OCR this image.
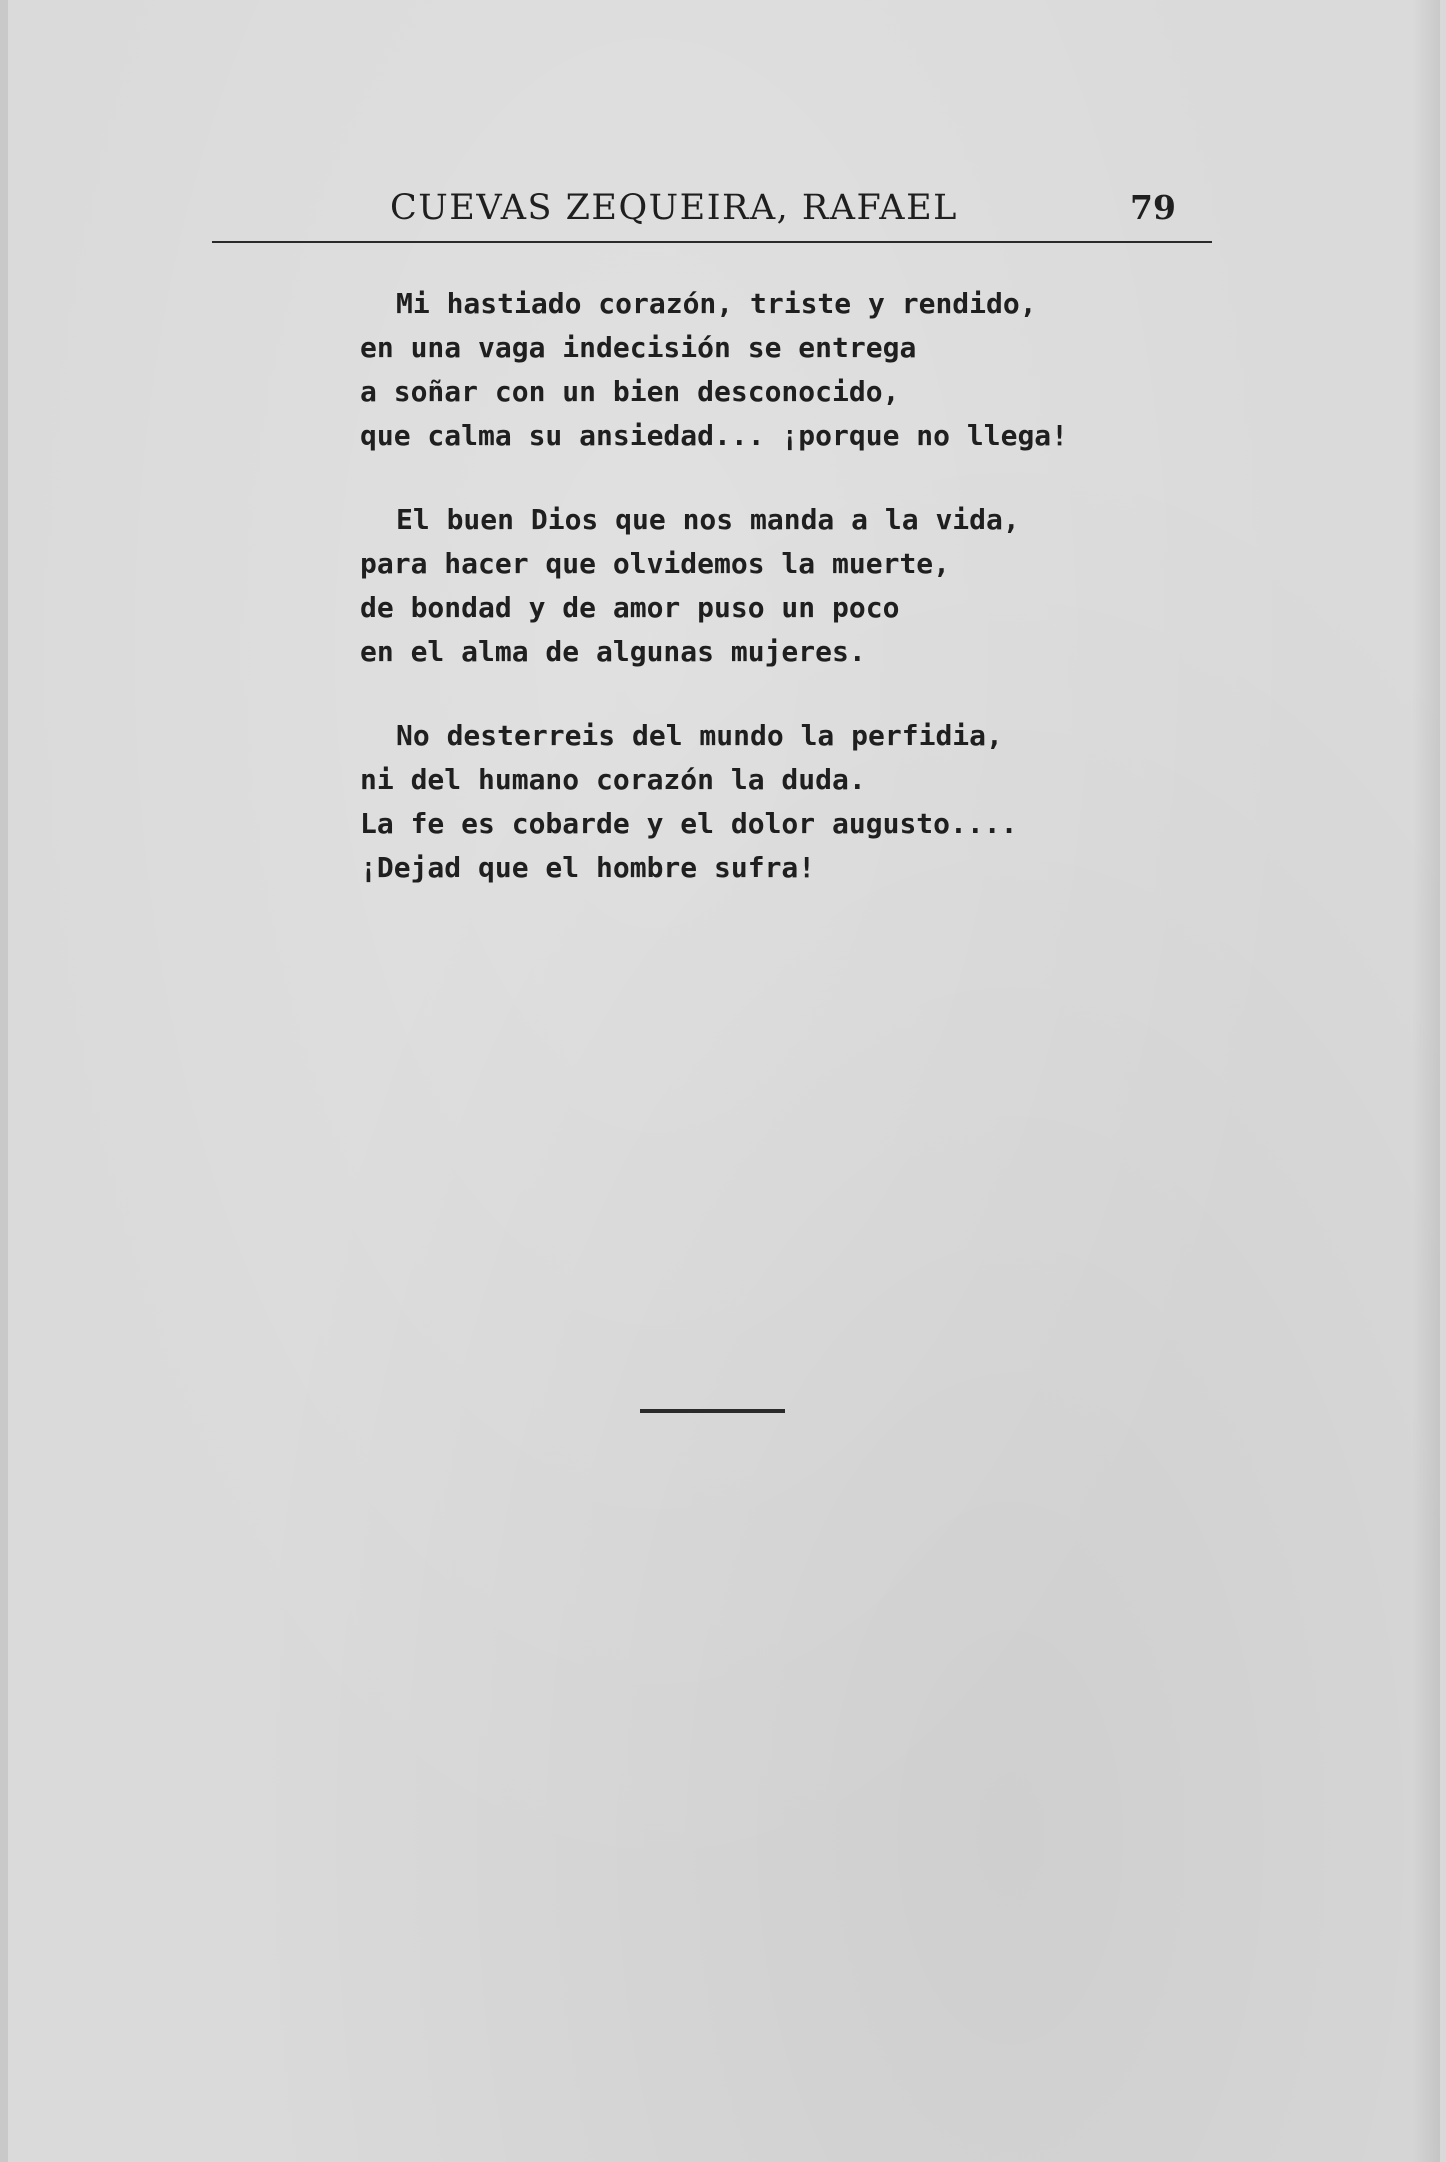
CUEVAS ZEQUEIRA, RAFAEL	79
Mi hastiado corazón, triste y rendido,
en una vaga indecisión se entrega
a soñar con un bien desconocido,
que calma su ansiedad... ¡porque no llega!
El buen Dios que nos manda a la vida,
para hacer que olvidemos la muerte,
de bondad y de amor puso un poco
en el alma de algunas mujeres.
No desterreis del mundo la perfidia,
ni del humano corazón la duda.
La fe es cobarde y el dolor augusto....
¡Dejad que el hombre sufra!
